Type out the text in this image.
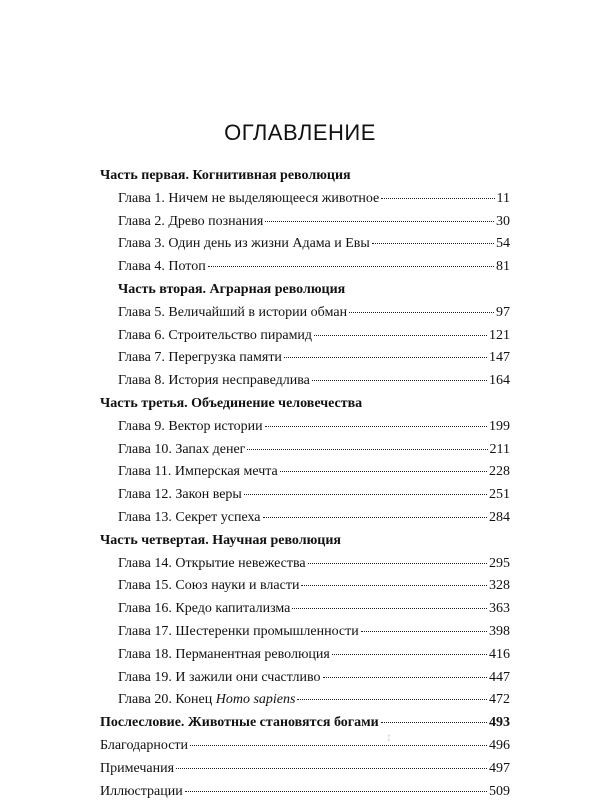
ОГЛАВЛЕНИЕ
Часть первая. Когнитивная революция
Глава 1. Ничем не выделяющееся животное	11
Глава 2. Древо познания	30
Глава 3. Один день из жизни Адама и Евы	54
Глава 4. Потоп	81
Часть вторая. Аграрная революция
Глава 5. Величайший в истории обман	97
Глава 6. Строительство пирамид	121
Глава 7. Перегрузка памяти	147
Глава 8. История несправедлива	164
Часть третья. Объединение человечества
Глава 9. Вектор истории	199
Глава 10. Запах денег	211
Глава 11. Имперская мечта	228
Глава 12. Закон веры	251
Глава 13. Секрет успеха	284
Часть четвертая. Научная революция
Глава 14. Открытие невежества	295
Глава 15. Союз науки и власти	328
Глава 16. Кредо капитализма	363
Глава 17. Шестеренки промышленности	398
Глава 18. Перманентная революция	416
Глава 19. И зажили они счастливо	447
Глава 20. Конец Homo sapiens	472
Послесловие. Животные становятся богами	493
Благодарности	496
Примечания	497
Иллюстрации	509
↕
